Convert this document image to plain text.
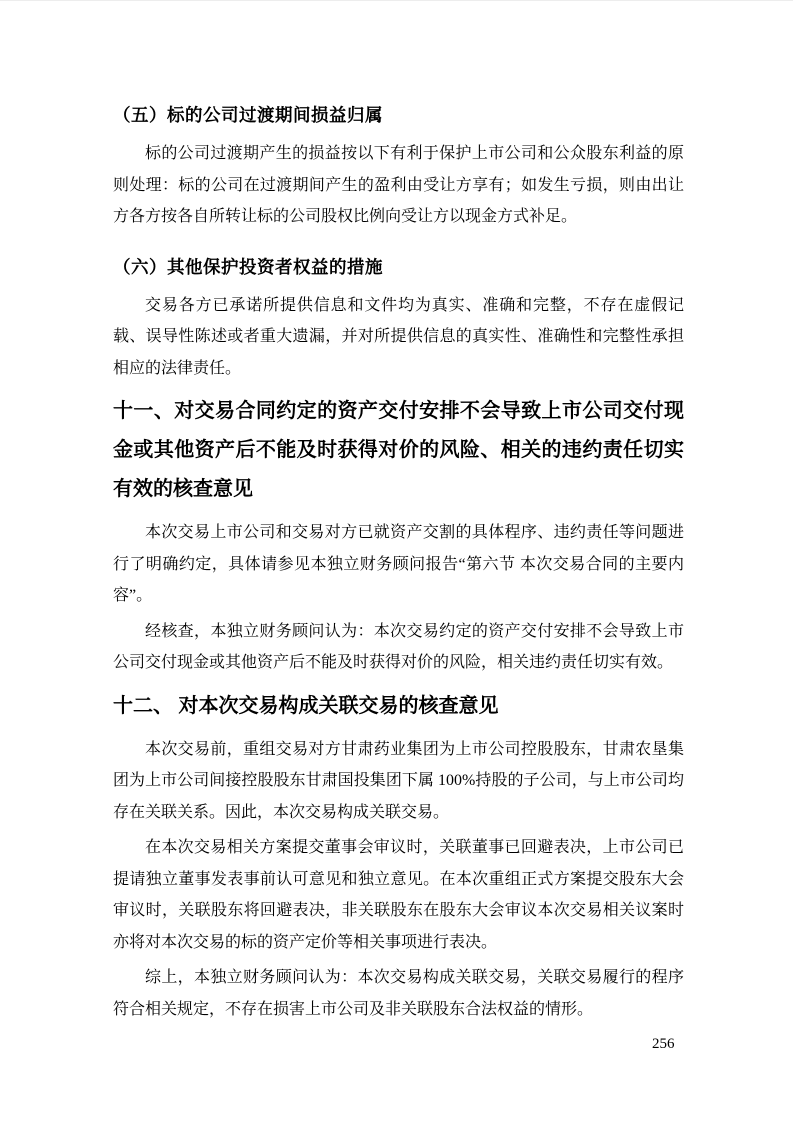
（五）标的公司过渡期间损益归属

标的公司过渡期产生的损益按以下有利于保护上市公司和公众股东利益的原则处理：标的公司在过渡期间产生的盈利由受让方享有；如发生亏损，则由出让方各方按各自所转让标的公司股权比例向受让方以现金方式补足。

（六）其他保护投资者权益的措施

交易各方已承诺所提供信息和文件均为真实、准确和完整，不存在虚假记载、误导性陈述或者重大遗漏，并对所提供信息的真实性、准确性和完整性承担相应的法律责任。

十一、对交易合同约定的资产交付安排不会导致上市公司交付现金或其他资产后不能及时获得对价的风险、相关的违约责任切实有效的核查意见

本次交易上市公司和交易对方已就资产交割的具体程序、违约责任等问题进行了明确约定，具体请参见本独立财务顾问报告“第六节 本次交易合同的主要内容”。

经核查，本独立财务顾问认为：本次交易约定的资产交付安排不会导致上市公司交付现金或其他资产后不能及时获得对价的风险，相关违约责任切实有效。

十二、 对本次交易构成关联交易的核查意见

本次交易前，重组交易对方甘肃药业集团为上市公司控股股东，甘肃农垦集团为上市公司间接控股股东甘肃国投集团下属 100%持股的子公司，与上市公司均存在关联关系。因此，本次交易构成关联交易。

在本次交易相关方案提交董事会审议时，关联董事已回避表决，上市公司已提请独立董事发表事前认可意见和独立意见。在本次重组正式方案提交股东大会审议时，关联股东将回避表决，非关联股东在股东大会审议本次交易相关议案时亦将对本次交易的标的资产定价等相关事项进行表决。

综上，本独立财务顾问认为：本次交易构成关联交易，关联交易履行的程序符合相关规定，不存在损害上市公司及非关联股东合法权益的情形。

256
